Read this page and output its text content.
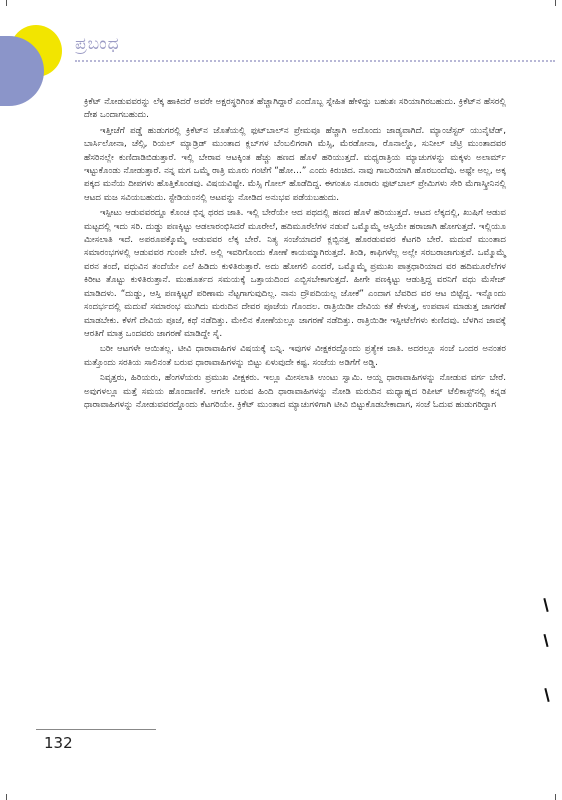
ಪ್ರಬಂಧ

ಕ್ರಿಕೆಟ್ ನೋಡುವವರನ್ನು ಲೆಕ್ಕ ಹಾಕಿದರೆ ಅವರೇ ಅಕ್ಷರಸ್ಥರಿಗಿಂತ ಹೆಚ್ಚಾಗಿದ್ದಾರೆ ಎಂದೊಬ್ಬ ಸ್ನೇಹಿತ ಹೇಳಿದ್ದು ಬಹುಶಃ ಸರಿಯಾಗಿರಬಹುದು. ಕ್ರಿಕೆಟ್‌ನ ಹೆಸರಲ್ಲಿ ದೇಶ ಒಂದಾಗಬಹುದು.

ಇತ್ತೀಚೆಗೆ ಪಡ್ಡೆ ಹುಡುಗರಲ್ಲಿ ಕ್ರಿಕೆಟ್‌ನ ಜೊತೆಯಲ್ಲಿ ಫುಟ್‌ಬಾಲ್‌ನ ಪ್ರೇಮವೂ ಹೆಚ್ಚಾಗಿ ಅದೊಂದು ಜಾಡ್ಯವಾಗಿದೆ. ಮ್ಯಾಂಚೆಸ್ಟರ್ ಯುನೈಟೆಡ್, ಬಾರ್ಸಿಲೋನಾ, ಚೆಲ್ಸಿ, ರಿಯಲ್ ಮ್ಯಾಡ್ರಿಡ್ ಮುಂತಾದ ಕ್ಲಬ್‌ಗಳ ಬೆಂಬಲಿಗರಾಗಿ ಮೆಸ್ಸಿ, ಮೆರಡೋನಾ, ರೊನಾಲ್ಡೊ, ಸುನೀಲ್ ಚೆಟ್ರಿ ಮುಂತಾದವರ ಹೆಸರಿನಲ್ಲೇ ಕುಣಿದಾಡಿಬಿಡುತ್ತಾರೆ. ಇಲ್ಲಿ ಬೇರಾವ ಆಟಕ್ಕಿಂತ ಹೆಚ್ಚು ಹಣದ ಹೊಳೆ ಹರಿಯುತ್ತದೆ. ಮಧ್ಯರಾತ್ರಿಯ ಮ್ಯಾಚುಗಳನ್ನು ಮಕ್ಕಳು ಅಲಾರ್ಮ್ ಇಟ್ಟುಕೊಂಡು ನೋಡುತ್ತಾರೆ. ನನ್ನ ಮಗ ಒಮ್ಮೆ ರಾತ್ರಿ ಮೂರು ಗಂಟೆಗೆ “ಹೋ…” ಎಂದು ಕಿರುಚಿದ. ನಾವು ಗಾಬರಿಯಾಗಿ ಹೊರಬಂದೆವು. ಅಷ್ಟೇ ಅಲ್ಲ, ಅಕ್ಕ ಪಕ್ಕದ ಮನೆಯ ದೀಪಗಳು ಹೊತ್ತಿಕೊಂಡವು. ವಿಷಯವಿಷ್ಟೇ. ಮೆಸ್ಸಿ ಗೋಲ್ ಹೊಡೆದಿದ್ದ. ಈಗಂತೂ ನೂರಾರು ಫುಟ್‌ಬಾಲ್ ಪ್ರೇಮಿಗಳು ಸೇರಿ ಮೆಗಾಸ್ಕ್ರೀನಿನಲ್ಲಿ ಆಟದ ಮಜ ಸವಿಯಬಹುದು. ಸ್ಟೇಡಿಯಂನಲ್ಲಿ ಆಟವನ್ನು ನೋಡಿದ ಅನುಭವ ಪಡೆಯಬಹುದು.

ಇಸ್ಪೀಟು ಆಡುವವರದ್ದೂ ಕೊಂಚ ಭಿನ್ನ ಥರದ ಜಾತಿ. ಇಲ್ಲಿ ಬೇರೆಯೇ ಆದ ಪಥದಲ್ಲಿ ಹಣದ ಹೊಳೆ ಹರಿಯುತ್ತದೆ. ಆಟದ ಲೆಕ್ಕದಲ್ಲಿ, ಖುಷಿಗೆ ಆಡುವ ಮಟ್ಟದಲ್ಲಿ ಇದು ಸರಿ. ದುಡ್ಡು ಪಣಕ್ಕಿಟ್ಟು ಆಡಲಾರಂಭಿಸಿದರೆ ಮೂರೇಲೆ, ಹದಿಮೂರೆಲೆಗಳ ನಡುವೆ ಒಮ್ಮೊಮ್ಮೆ ಆಸ್ತಿಯೇ ಹರಾಜಾಗಿ ಹೋಗುತ್ತದೆ. ಇಲ್ಲಿಯೂ ಮೀಸಲಾತಿ ಇದೆ. ಅಪರೂಪಕ್ಕೊಮ್ಮೆ ಆಡುವವರ ಲೆಕ್ಕ ಬೇರೆ. ನಿತ್ಯ ಸಂಜೆಯಾದರೆ ಕ್ಲಬ್ಬಿನತ್ತ ಹೊರಡುವವರ ಕೆಟಗರಿ ಬೇರೆ. ಮದುವೆ ಮುಂತಾದ ಸಮಾರಂಭಗಳಲ್ಲಿ ಆಡುವವರ ಗುಂಪೇ ಬೇರೆ. ಅಲ್ಲಿ ಇವರಿಗೊಂದು ಕೋಣೆ ಕಾಯಮ್ಮಾಗಿರುತ್ತದೆ. ತಿಂಡಿ, ಕಾಫಿಗಳೆಲ್ಲ ಅಲ್ಲೇ ಸರಬರಾಜಾಗುತ್ತವೆ. ಒಮ್ಮೊಮ್ಮೆ ವರನ ತಂದೆ, ವಧುವಿನ ತಂದೆಯೇ ಎಲೆ ಹಿಡಿದು ಕುಳಿತಿರುತ್ತಾರೆ. ಅದು ಹೋಗಲಿ ಎಂದರೆ, ಒಮ್ಮೊಮ್ಮೆ ಪ್ರಮುಖ ಪಾತ್ರಧಾರಿಯಾದ ವರ ಹದಿಮೂರೆಲೆಗಳ ಕಿರೀಟ ತೊಟ್ಟು ಕುಳಿತಿರುತ್ತಾನೆ. ಮುಹೂರ್ತದ ಸಮಯಕ್ಕೆ ಒತ್ತಾಯದಿಂದ ಎಬ್ಬಿಸಬೇಕಾಗುತ್ತದೆ. ಹೀಗೇ ಪಣಕ್ಕಿಟ್ಟು ಆಡುತ್ತಿದ್ದ ವರನಿಗೆ ವಧು ಮೆಸೇಜ್ ಮಾಡಿದಳು. “ದುಡ್ಡು, ಆಸ್ತಿ ಪಣಕ್ಕಿಟ್ಟರೆ ಪರಿಣಾಮ ನೆಟ್ಟಗಾಗುವುದಿಲ್ಲ. ನಾನು ದ್ರೌಪದಿಯಲ್ಲ ಜೋಕೆ” ಎಂದಾಗ ಬೆವರಿದ ವರ ಆಟ ಬಿಟ್ಟೆದ್ದ. ಇನ್ನೊಂದು ಸಂದರ್ಭದಲ್ಲಿ ಮದುವೆ ಸಮಾರಂಭ ಮುಗಿದು ಮರುದಿನ ದೇವರ ಪೂಜೆಯ ಗೊಂದಲ. ರಾತ್ರಿಯಿಡೀ ದೇವಿಯ ಕತೆ ಕೇಳುತ್ತ, ಉಪವಾಸ ಮಾಡುತ್ತ ಜಾಗರಣೆ ಮಾಡಬೇಕು. ಕೆಳಗೆ ದೇವಿಯ ಪೂಜೆ, ಕಥೆ ನಡೆದಿತ್ತು. ಮೇಲಿನ ಕೋಣೆಯಲ್ಲೂ ಜಾಗರಣೆ ನಡೆದಿತ್ತು. ರಾತ್ರಿಯಿಡೀ ಇಸ್ಪೀಟೆಲೆಗಳು ಕುಣಿದವು. ಬೆಳಗಿನ ಜಾವಕ್ಕೆ ಆರತಿಗೆ ಮಾತ್ರ ಒಂದವರು ಜಾಗರಣೆ ಮಾಡಿದ್ದೇ ಸೈ.

ಬರೀ ಆಟಗಳೇ ಆಯಿತಲ್ಲ. ಟೀವಿ ಧಾರಾವಾಹಿಗಳ ವಿಷಯಕ್ಕೆ ಬನ್ನಿ. ಇವುಗಳ ವೀಕ್ಷಕರದ್ದೊಂದು ಪ್ರತ್ಯೇಕ ಜಾತಿ. ಅದರಲ್ಲೂ ಸಂಜೆ ಒಂದರ ಅನಂತರ ಮತ್ತೊಂದು ಸರತಿಯ ಸಾಲಿನಂತೆ ಬರುವ ಧಾರಾವಾಹಿಗಳನ್ನು ಬಿಟ್ಟು ಏಳುವುದೇ ಕಷ್ಟ. ಸಂಜೆಯ ಅಡಿಗೆಗೆ ಅಡ್ಡಿ.

ನಿವೃತ್ತರು, ಹಿರಿಯರು, ಹೆಂಗಳೆಯರು ಪ್ರಮುಖ ವೀಕ್ಷಕರು. ಇಲ್ಲೂ ಮೀಸಲಾತಿ ಉಂಟು ಸ್ವಾಮಿ. ಆಯ್ದ ಧಾರಾವಾಹಿಗಳನ್ನು ನೋಡುವ ವರ್ಗ ಬೇರೆ. ಅವುಗಳಲ್ಲೂ ಮತ್ತೆ ಸಮಯ ಹೊಂದಾಣಿಕೆ. ಆಗಲೇ ಬರುವ ಹಿಂದಿ ಧಾರಾವಾಹಿಗಳನ್ನು ನೋಡಿ ಮರುದಿನ ಮಧ್ಯಾಹ್ನದ ರಿಪೀಟ್ ಟೆಲಿಕಾಸ್ಟ್‌ನಲ್ಲಿ ಕನ್ನಡ ಧಾರಾವಾಹಿಗಳನ್ನು ನೋಡುವವರದ್ದೊಂದು ಕೆಟಗರಿಯೇ. ಕ್ರಿಕೆಟ್ ಮುಂತಾದ ಮ್ಯಾಚುಗಳಿಗಾಗಿ ಟೀವಿ ಬಿಟ್ಟುಕೊಡಬೇಕಾದಾಗ, ಸಂಜೆ ಓದುವ ಹುಡುಗರಿದ್ದಾಗ

132
